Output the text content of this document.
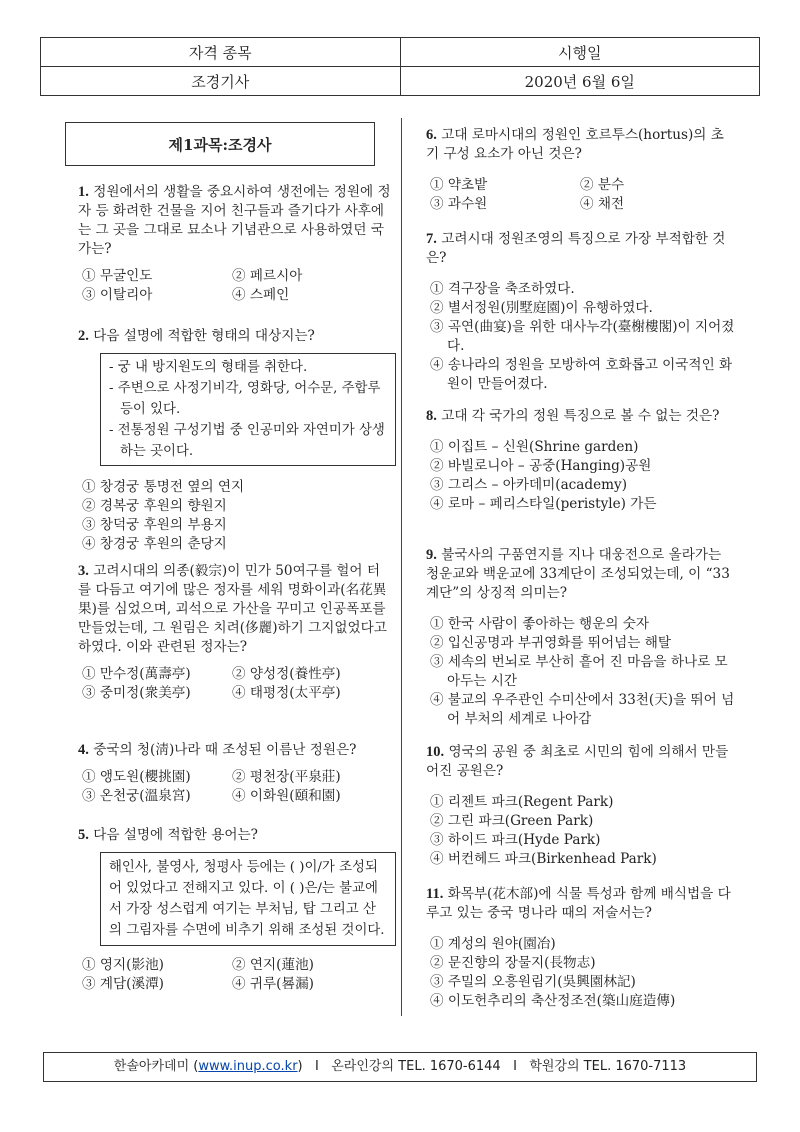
자격 종목	시행일
조경기사	2020년 6월 6일
제1과목:조경사
1. 정원에서의 생활을 중요시하여 생전에는 정원에 정자 등 화려한 건물을 지어 친구들과 즐기다가 사후에는 그 곳을 그대로 묘소나 기념관으로 사용하였던 국가는?
① 무굴인도	② 페르시아
③ 이탈리아	④ 스페인
2. 다음 설명에 적합한 형태의 대상지는?
- 궁 내 방지원도의 형태를 취한다.
- 주변으로 사정기비각, 영화당, 어수문, 주합루 등이 있다.
- 전통정원 구성기법 중 인공미와 자연미가 상생하는 곳이다.
① 창경궁 통명전 옆의 연지
② 경복궁 후원의 향원지
③ 창덕궁 후원의 부용지
④ 창경궁 후원의 춘당지
3. 고려시대의 의종(毅宗)이 민가 50여구를 헐어 터를 다듬고 여기에 많은 정자를 세워 명화이과(名花異果)를 심었으며, 괴석으로 가산을 꾸미고 인공폭포를 만들었는데, 그 원림은 치려(侈麗)하기 그지없었다고 하였다. 이와 관련된 정자는?
① 만수정(萬壽亭)	② 양성정(養性亭)
③ 중미정(衆美亭)	④ 태평정(太平亭)
4. 중국의 청(淸)나라 때 조성된 이름난 정원은?
① 앵도원(櫻挑園)	② 평천장(平泉莊)
③ 온천궁(溫泉宮)	④ 이화원(頤和園)
5. 다음 설명에 적합한 용어는?
해인사, 불영사, 청평사 등에는 ( )이/가 조성되어 있었다고 전해지고 있다. 이 ( )은/는 불교에서 가장 성스럽게 여기는 부처님, 탑 그리고 산의 그림자를 수면에 비추기 위해 조성된 것이다.
① 영지(影池)	② 연지(蓮池)
③ 계담(溪潭)	④ 귀루(晷漏)
6. 고대 로마시대의 정원인 호르투스(hortus)의 초기 구성 요소가 아닌 것은?
① 약초밭	② 분수
③ 과수원	④ 채전
7. 고려시대 정원조영의 특징으로 가장 부적합한 것은?
① 격구장을 축조하였다.
② 별서정원(別墅庭園)이 유행하였다.
③ 곡연(曲宴)을 위한 대사누각(臺榭樓閣)이 지어졌다.
④ 송나라의 정원을 모방하여 호화롭고 이국적인 화원이 만들어졌다.
8. 고대 각 국가의 정원 특징으로 볼 수 없는 것은?
① 이집트 – 신원(Shrine garden)
② 바빌로니아 – 공중(Hanging)공원
③ 그리스 – 아카데미(academy)
④ 로마 – 페리스타일(peristyle) 가든
9. 불국사의 구품연지를 지나 대웅전으로 올라가는 청운교와 백운교에 33계단이 조성되었는데, 이 “33계단”의 상징적 의미는?
① 한국 사람이 좋아하는 행운의 숫자
② 입신공명과 부귀영화를 뛰어넘는 해탈
③ 세속의 번뇌로 부산히 흩어 진 마음을 하나로 모아두는 시간
④ 불교의 우주관인 수미산에서 33천(天)을 뛰어 넘어 부처의 세계로 나아감
10. 영국의 공원 중 최초로 시민의 힘에 의해서 만들어진 공원은?
① 리젠트 파크(Regent Park)
② 그린 파크(Green Park)
③ 하이드 파크(Hyde Park)
④ 버컨헤드 파크(Birkenhead Park)
11. 화목부(花木部)에 식물 특성과 함께 배식법을 다루고 있는 중국 명나라 때의 저술서는?
① 계성의 원야(園冶)
② 문진향의 장물지(長物志)
③ 주밀의 오흥원림기(吳興園林記)
④ 이도헌추리의 축산정조전(築山庭造傳)
한솔아카데미 (www.inup.co.kr)   I   온라인강의 TEL. 1670-6144   I   학원강의 TEL. 1670-7113
